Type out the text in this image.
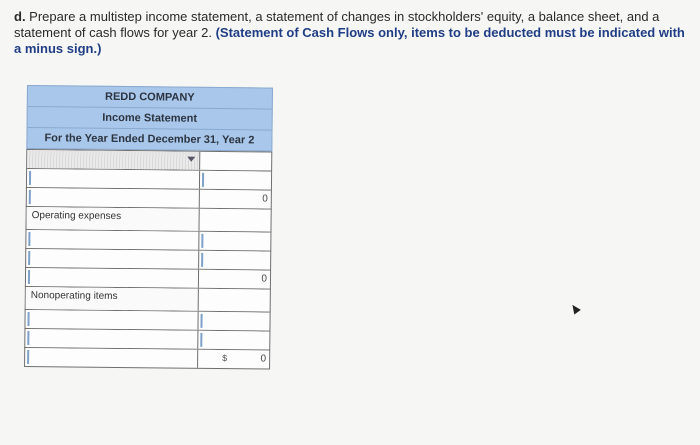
d. Prepare a multistep income statement, a statement of changes in stockholders' equity, a balance sheet, and a statement of cash flows for year 2. (Statement of Cash Flows only, items to be deducted must be indicated with a minus sign.)
REDD COMPANY
Income Statement
For the Year Ended December 31, Year 2
0
Operating expenses
0
Nonoperating items
$	0
